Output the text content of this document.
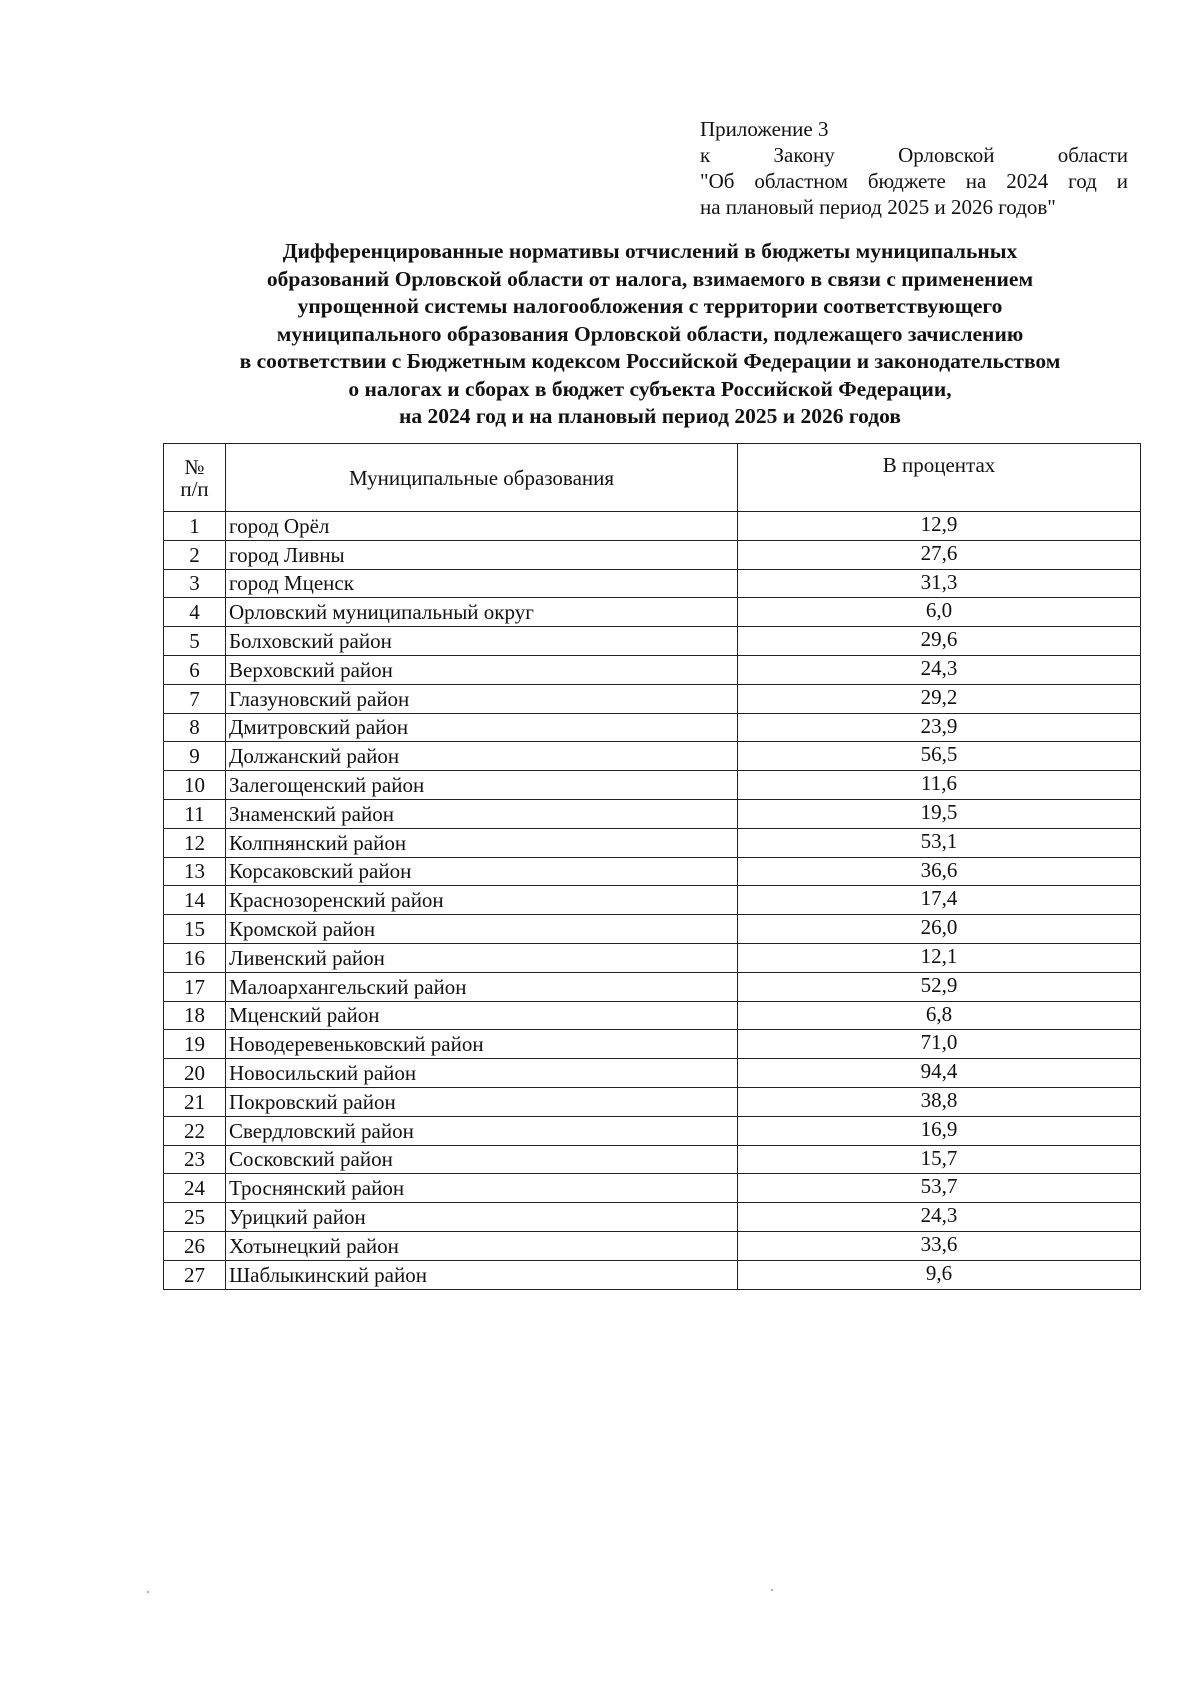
Приложение 3
к Закону Орловской области
"Об областном бюджете на 2024 год и
на плановый период 2025 и 2026 годов"
Дифференцированные нормативы отчислений в бюджеты муниципальных
образований Орловской области от налога, взимаемого в связи с применением
упрощенной системы налогообложения с территории соответствующего
муниципального образования Орловской области, подлежащего зачислению
в соответствии с Бюджетным кодексом Российской Федерации и законодательством
о налогах и сборах в бюджет субъекта Российской Федерации,
на 2024 год и на плановый период 2025 и 2026 годов
№
п/п	Муниципальные образования	В процентах
1	город Орёл	12,9
2	город Ливны	27,6
3	город Мценск	31,3
4	Орловский муниципальный округ	6,0
5	Болховский район	29,6
6	Верховский район	24,3
7	Глазуновский район	29,2
8	Дмитровский район	23,9
9	Должанский район	56,5
10	Залегощенский район	11,6
11	Знаменский район	19,5
12	Колпнянский район	53,1
13	Корсаковский район	36,6
14	Краснозоренский район	17,4
15	Кромской район	26,0
16	Ливенский район	12,1
17	Малоархангельский район	52,9
18	Мценский район	6,8
19	Новодеревеньковский район	71,0
20	Новосильский район	94,4
21	Покровский район	38,8
22	Свердловский район	16,9
23	Сосковский район	15,7
24	Троснянский район	53,7
25	Урицкий район	24,3
26	Хотынецкий район	33,6
27	Шаблыкинский район	9,6
